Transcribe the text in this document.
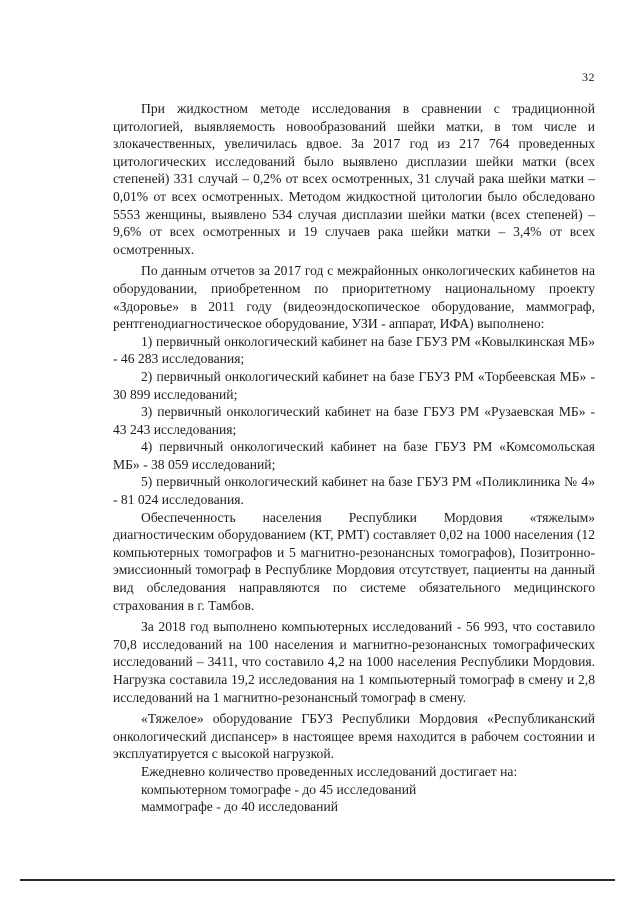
32

При жидкостном методе исследования в сравнении с традиционной цитологией, выявляемость новообразований шейки матки, в том числе и злокачественных, увеличилась вдвое. За 2017 год из 217 764 проведенных цитологических исследований было выявлено дисплазии шейки матки (всех степеней) 331 случай – 0,2% от всех осмотренных, 31 случай рака шейки матки – 0,01% от всех осмотренных. Методом жидкостной цитологии было обследовано 5553 женщины, выявлено 534 случая дисплазии шейки матки (всех степеней) – 9,6% от всех осмотренных и 19 случаев рака шейки матки – 3,4% от всех осмотренных.

По данным отчетов за 2017 год с межрайонных онкологических кабинетов на оборудовании, приобретенном по приоритетному национальному проекту «Здоровье» в 2011 году (видеоэндоскопическое оборудование, маммограф, рентгенодиагностическое оборудование, УЗИ - аппарат, ИФА) выполнено:

1) первичный онкологический кабинет на базе ГБУЗ РМ «Ковылкинская МБ» - 46 283 исследования;

2) первичный онкологический кабинет на базе ГБУЗ РМ «Торбеевская МБ» - 30 899 исследований;

3) первичный онкологический кабинет на базе ГБУЗ РМ «Рузаевская МБ» - 43 243 исследования;

4) первичный онкологический кабинет на базе ГБУЗ РМ «Комсомольская МБ» - 38 059 исследований;

5) первичный онкологический кабинет на базе ГБУЗ РМ «Поликлиника № 4» - 81 024 исследования.

Обеспеченность населения Республики Мордовия «тяжелым» диагностическим оборудованием (КТ, РМТ) составляет 0,02 на 1000 населения (12 компьютерных томографов и 5 магнитно-резонансных томографов), Позитронно-эмиссионный томограф в Республике Мордовия отсутствует, пациенты на данный вид обследования направляются по системе обязательного медицинского страхования в г. Тамбов.

За 2018 год выполнено компьютерных исследований - 56 993, что составило 70,8 исследований на 100 населения и магнитно-резонансных томографических исследований – 3411, что составило 4,2 на 1000 населения Республики Мордовия. Нагрузка составила 19,2 исследования на 1 компьютерный томограф в смену и 2,8 исследований на 1 магнитно-резонансный томограф в смену.

«Тяжелое» оборудование ГБУЗ Республики Мордовия «Республиканский онкологический диспансер» в настоящее время находится в рабочем состоянии и эксплуатируется с высокой нагрузкой.

Ежедневно количество проведенных исследований достигает на:

компьютерном томографе - до 45 исследований

маммографе - до 40 исследований
